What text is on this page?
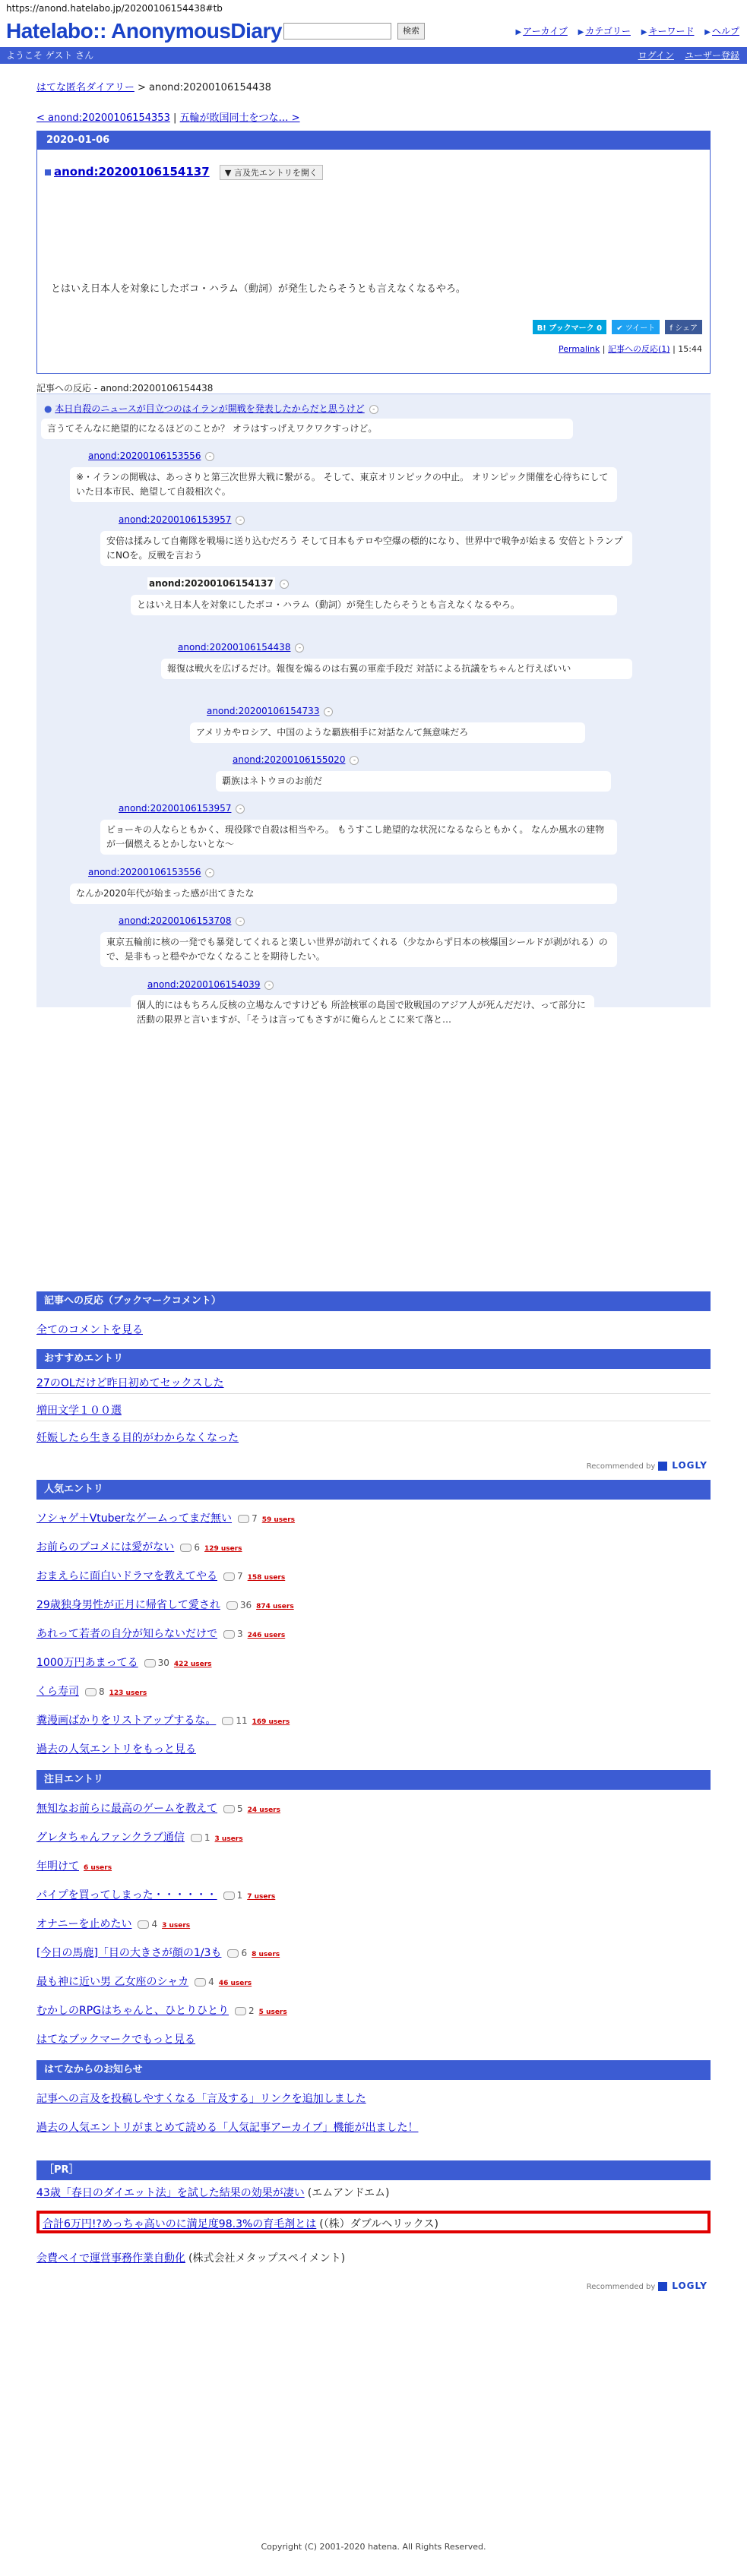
https://anond.hatelabo.jp/20200106154438#tb
Hatelabo:: AnonymousDiary	検索	▶ アーカイブ ▶ カテゴリー ▶ キーワード ▶ ヘルプ
ようこそ ゲスト さん	ログイン ユーザー登録
はてな匿名ダイアリー > anond:20200106154438
< anond:20200106154353 | 五輪が敗国同士をつな… >
2020-01-06
anond:20200106154137 ▼ 言及先エントリを開く
とはいえ日本人を対象にしたボコ・ハラム（動詞）が発生したらそうとも言えなくなるやろ。
B! ブックマーク 0 ✔ ツイート f シェア
Permalink | 記事への反応(1) | 15:44
記事への反応 - anond:20200106154438
● 本日自殺のニュースが目立つのはイランが開戦を発表したからだと思うけど -
言うてそんなに絶望的になるほどのことか？ オラはすっげえワクワクすっけど。
anond:20200106153556 -
※・イランの開戦は、あっさりと第三次世界大戦に繋がる。 そして、東京オリンピックの中止。 オリンピック開催を心待ちにしていた日本市民、絶望して自殺相次ぐ。
anond:20200106153957 -
安倍は揉みして自衛隊を戦場に送り込むだろう そして日本もテロや空爆の標的になり、世界中で戦争が始まる 安倍とトランプにNOを。反戦を言おう
anond:20200106154137 -
とはいえ日本人を対象にしたボコ・ハラム（動詞）が発生したらそうとも言えなくなるやろ。
anond:20200106154438 -
報復は戦火を広げるだけ。報復を煽るのは右翼の軍産手段だ 対話による抗議をちゃんと行えばいい
anond:20200106154733 -
アメリカやロシア、中国のような覇族相手に対話なんて無意味だろ
anond:20200106155020 -
覇族はネトウヨのお前だ
anond:20200106153957 -
ビョーキの人ならともかく、現役隊で自殺は相当やろ。 もうすこし絶望的な状況になるならともかく。 なんか風水の建物が一個燃えるとかしないとな〜
anond:20200106153556 -
なんか2020年代が始まった感が出てきたな
anond:20200106153708 -
東京五輪前に核の一発でも暴発してくれると楽しい世界が訪れてくれる（少なからず日本の核爆国シールドが剥がれる）ので、是非もっと穏やかでなくなることを期待したい。
anond:20200106154039 -
個人的にはもちろん反核の立場なんですけども 所詮核軍の島国で敗戦国のアジア人が死んだだけ、って部分に活動の限界と言いますが、「そうは言ってもさすがに俺らんとこに来て落と…
記事への反応（ブックマークコメント）
全てのコメントを見る
おすすめエントリ
27のOLだけど昨日初めてセックスした
増田文学１００選
妊娠したら生きる目的がわからなくなった
Recommended by LOGLY
人気エントリ
ソシャゲ＋Vtuberなゲームってまだ無い 7 59 users
お前らのブコメには愛がない 6 129 users
おまえらに面白いドラマを教えてやる 7 158 users
29歳独身男性が正月に帰省して愛され 36 874 users
あれって若者の自分が知らないだけで 3 246 users
1000万円あまってる 30 422 users
くら寿司 8 123 users
糞漫画ばかりをリストアップするな。 11 169 users
過去の人気エントリをもっと見る
注目エントリ
無知なお前らに最高のゲームを教えて 5 24 users
グレタちゃんファンクラブ通信 1 3 users
年明けて 6 users
パイプを買ってしまった・・・・・・ 1 7 users
オナニーを止めたい 4 3 users
[今日の馬鹿]「目の大きさが顔の1/3も 6 8 users
最も神に近い男 乙女座のシャカ 4 46 users
むかしのRPGはちゃんと、ひとりひとり 2 5 users
はてなブックマークでもっと見る
はてなからのお知らせ
記事への言及を投稿しやすくなる「言及する」リンクを追加しました
過去の人気エントリがまとめて読める「人気記事アーカイブ」機能が出ました！
［PR］
43歳「春日のダイエット法」を試した結果の効果が凄い (エムアンドエム)
合計6万円!?めっちゃ高いのに満足度98.3%の育毛剤とは (（株）ダブルヘリックス)
会費ペイで運営事務作業自動化 (株式会社メタップスペイメント)
Recommended by LOGLY
Copyright (C) 2001-2020 hatena. All Rights Reserved.
